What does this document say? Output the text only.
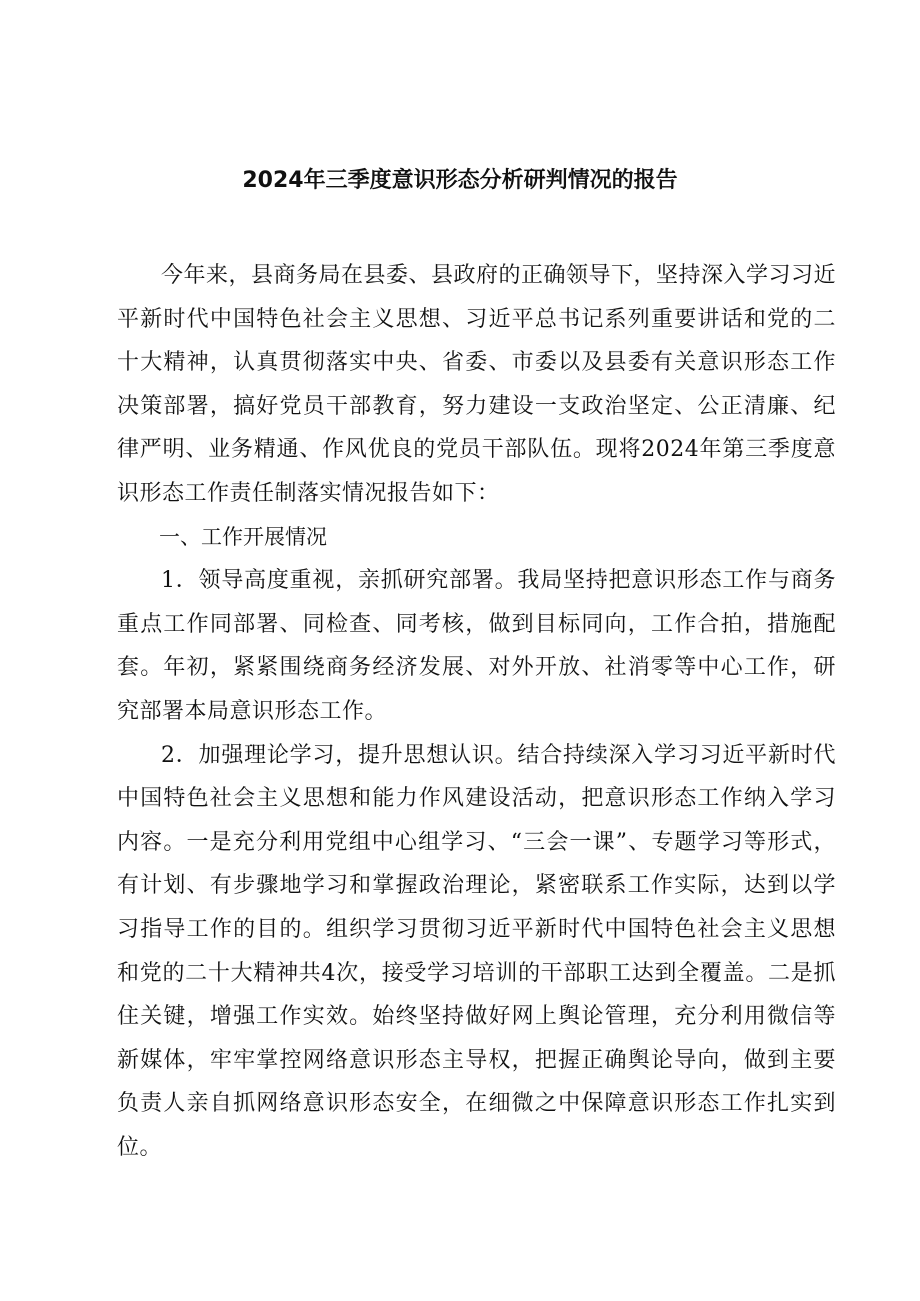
2024年三季度意识形态分析研判情况的报告

今年来，县商务局在县委、县政府的正确领导下，坚持深入学习习近平新时代中国特色社会主义思想、习近平总书记系列重要讲话和党的二十大精神，认真贯彻落实中央、省委、市委以及县委有关意识形态工作决策部署，搞好党员干部教育，努力建设一支政治坚定、公正清廉、纪律严明、业务精通、作风优良的党员干部队伍。现将2024年第三季度意识形态工作责任制落实情况报告如下：

一、工作开展情况

1．领导高度重视，亲抓研究部署。我局坚持把意识形态工作与商务重点工作同部署、同检查、同考核，做到目标同向，工作合拍，措施配套。年初，紧紧围绕商务经济发展、对外开放、社消零等中心工作，研究部署本局意识形态工作。

2．加强理论学习，提升思想认识。结合持续深入学习习近平新时代中国特色社会主义思想和能力作风建设活动，把意识形态工作纳入学习内容。一是充分利用党组中心组学习、“三会一课”、专题学习等形式，有计划、有步骤地学习和掌握政治理论，紧密联系工作实际，达到以学习指导工作的目的。组织学习贯彻习近平新时代中国特色社会主义思想和党的二十大精神共4次，接受学习培训的干部职工达到全覆盖。二是抓住关键，增强工作实效。始终坚持做好网上舆论管理，充分利用微信等新媒体，牢牢掌控网络意识形态主导权，把握正确舆论导向，做到主要负责人亲自抓网络意识形态安全，在细微之中保障意识形态工作扎实到位。
